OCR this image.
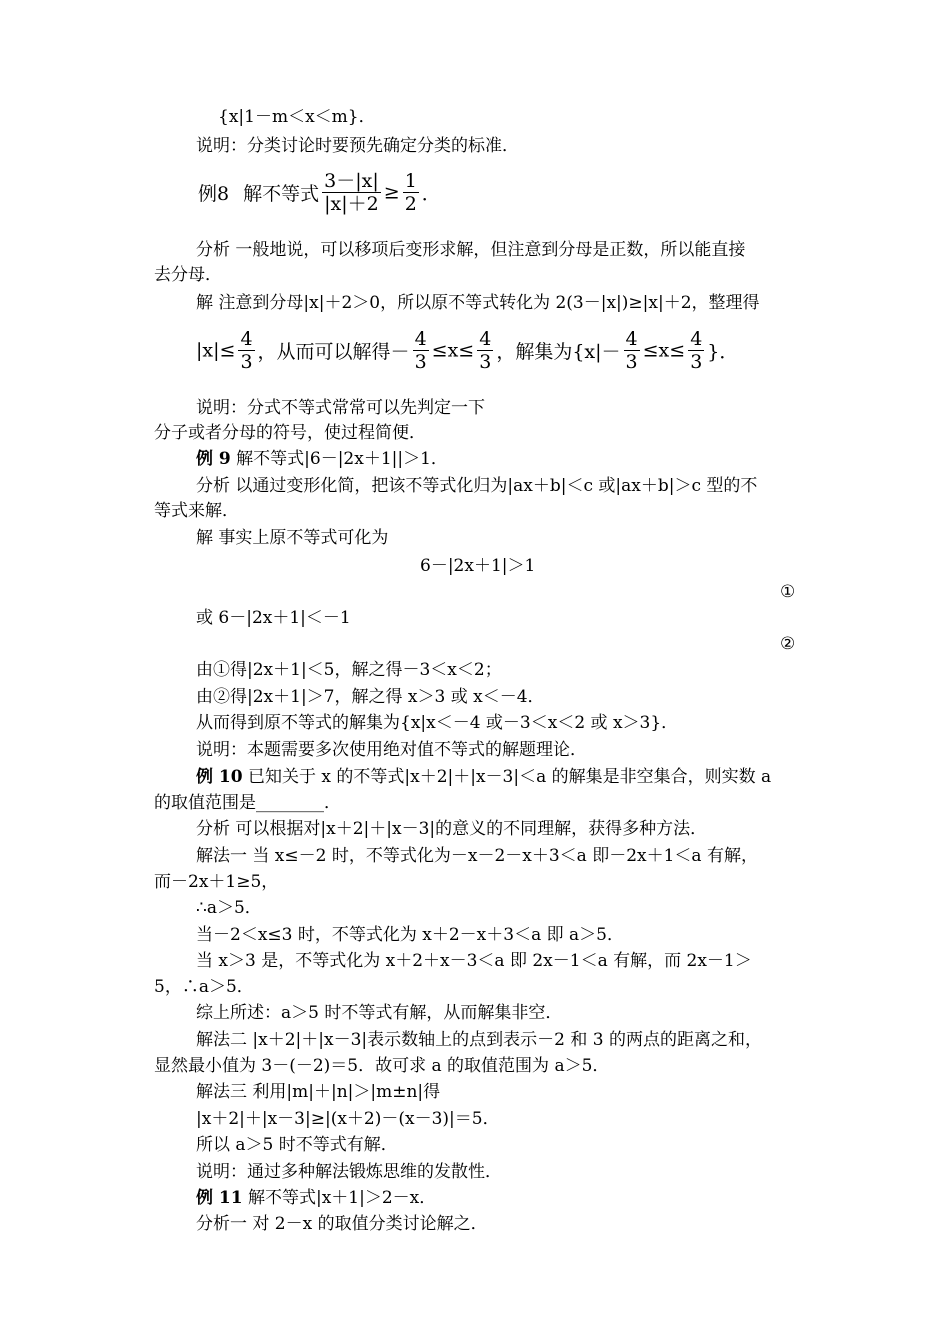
{x|1－m＜x＜m}．
说明：分类讨论时要预先确定分类的标准．
例8 解不等式 $\frac{3-|x|}{|x|+2} \ge \frac{1}{2}$ ．
分析 一般地说，可以移项后变形求解，但注意到分母是正数，所以能直接
去分母．
解 注意到分母|x|＋2＞0，所以原不等式转化为 2(3－|x|)≥|x|＋2，整理得
$|x|\le \frac{4}{3}$ ，从而可以解得－ $\frac{4}{3} \le x\le \frac{4}{3}$ ，解集为{$x|- \frac{4}{3} \le x\le \frac{4}{3}$ }．
说明：分式不等式常常可以先判定一下
分子或者分母的符号，使过程简便．
例 9 解不等式|6－|2x＋1||＞1．
分析 以通过变形化简，把该不等式化归为|ax＋b|＜c 或|ax＋b|＞c 型的不
等式来解．
解 事实上原不等式可化为
6－|2x＋1|＞1
①
或 6－|2x＋1|＜－1
②
由①得|2x＋1|＜5，解之得－3＜x＜2；
由②得|2x＋1|＞7，解之得 x＞3 或 x＜－4．
从而得到原不等式的解集为{x|x＜－4 或－3＜x＜2 或 x＞3}．
说明：本题需要多次使用绝对值不等式的解题理论．
例 10 已知关于 x 的不等式|x＋2|＋|x－3|＜a 的解集是非空集合，则实数 a
的取值范围是________．
分析 可以根据对|x＋2|＋|x－3|的意义的不同理解，获得多种方法．
解法一 当 x≤－2 时，不等式化为－x－2－x＋3＜a 即－2x＋1＜a 有解，
而－2x＋1≥5，
∴a＞5．
当－2＜x≤3 时，不等式化为 x＋2－x＋3＜a 即 a＞5．
当 x＞3 是，不等式化为 x＋2＋x－3＜a 即 2x－1＜a 有解，而 2x－1＞
5，∴a＞5．
综上所述：a＞5 时不等式有解，从而解集非空．
解法二 |x＋2|＋|x－3|表示数轴上的点到表示－2 和 3 的两点的距离之和，
显然最小值为 3－(－2)＝5．故可求 a 的取值范围为 a＞5．
解法三 利用|m|＋|n|＞|m±n|得
|x＋2|＋|x－3|≥|(x＋2)－(x－3)|＝5．
所以 a＞5 时不等式有解．
说明：通过多种解法锻炼思维的发散性．
例 11 解不等式|x＋1|＞2－x．
分析一 对 2－x 的取值分类讨论解之．
